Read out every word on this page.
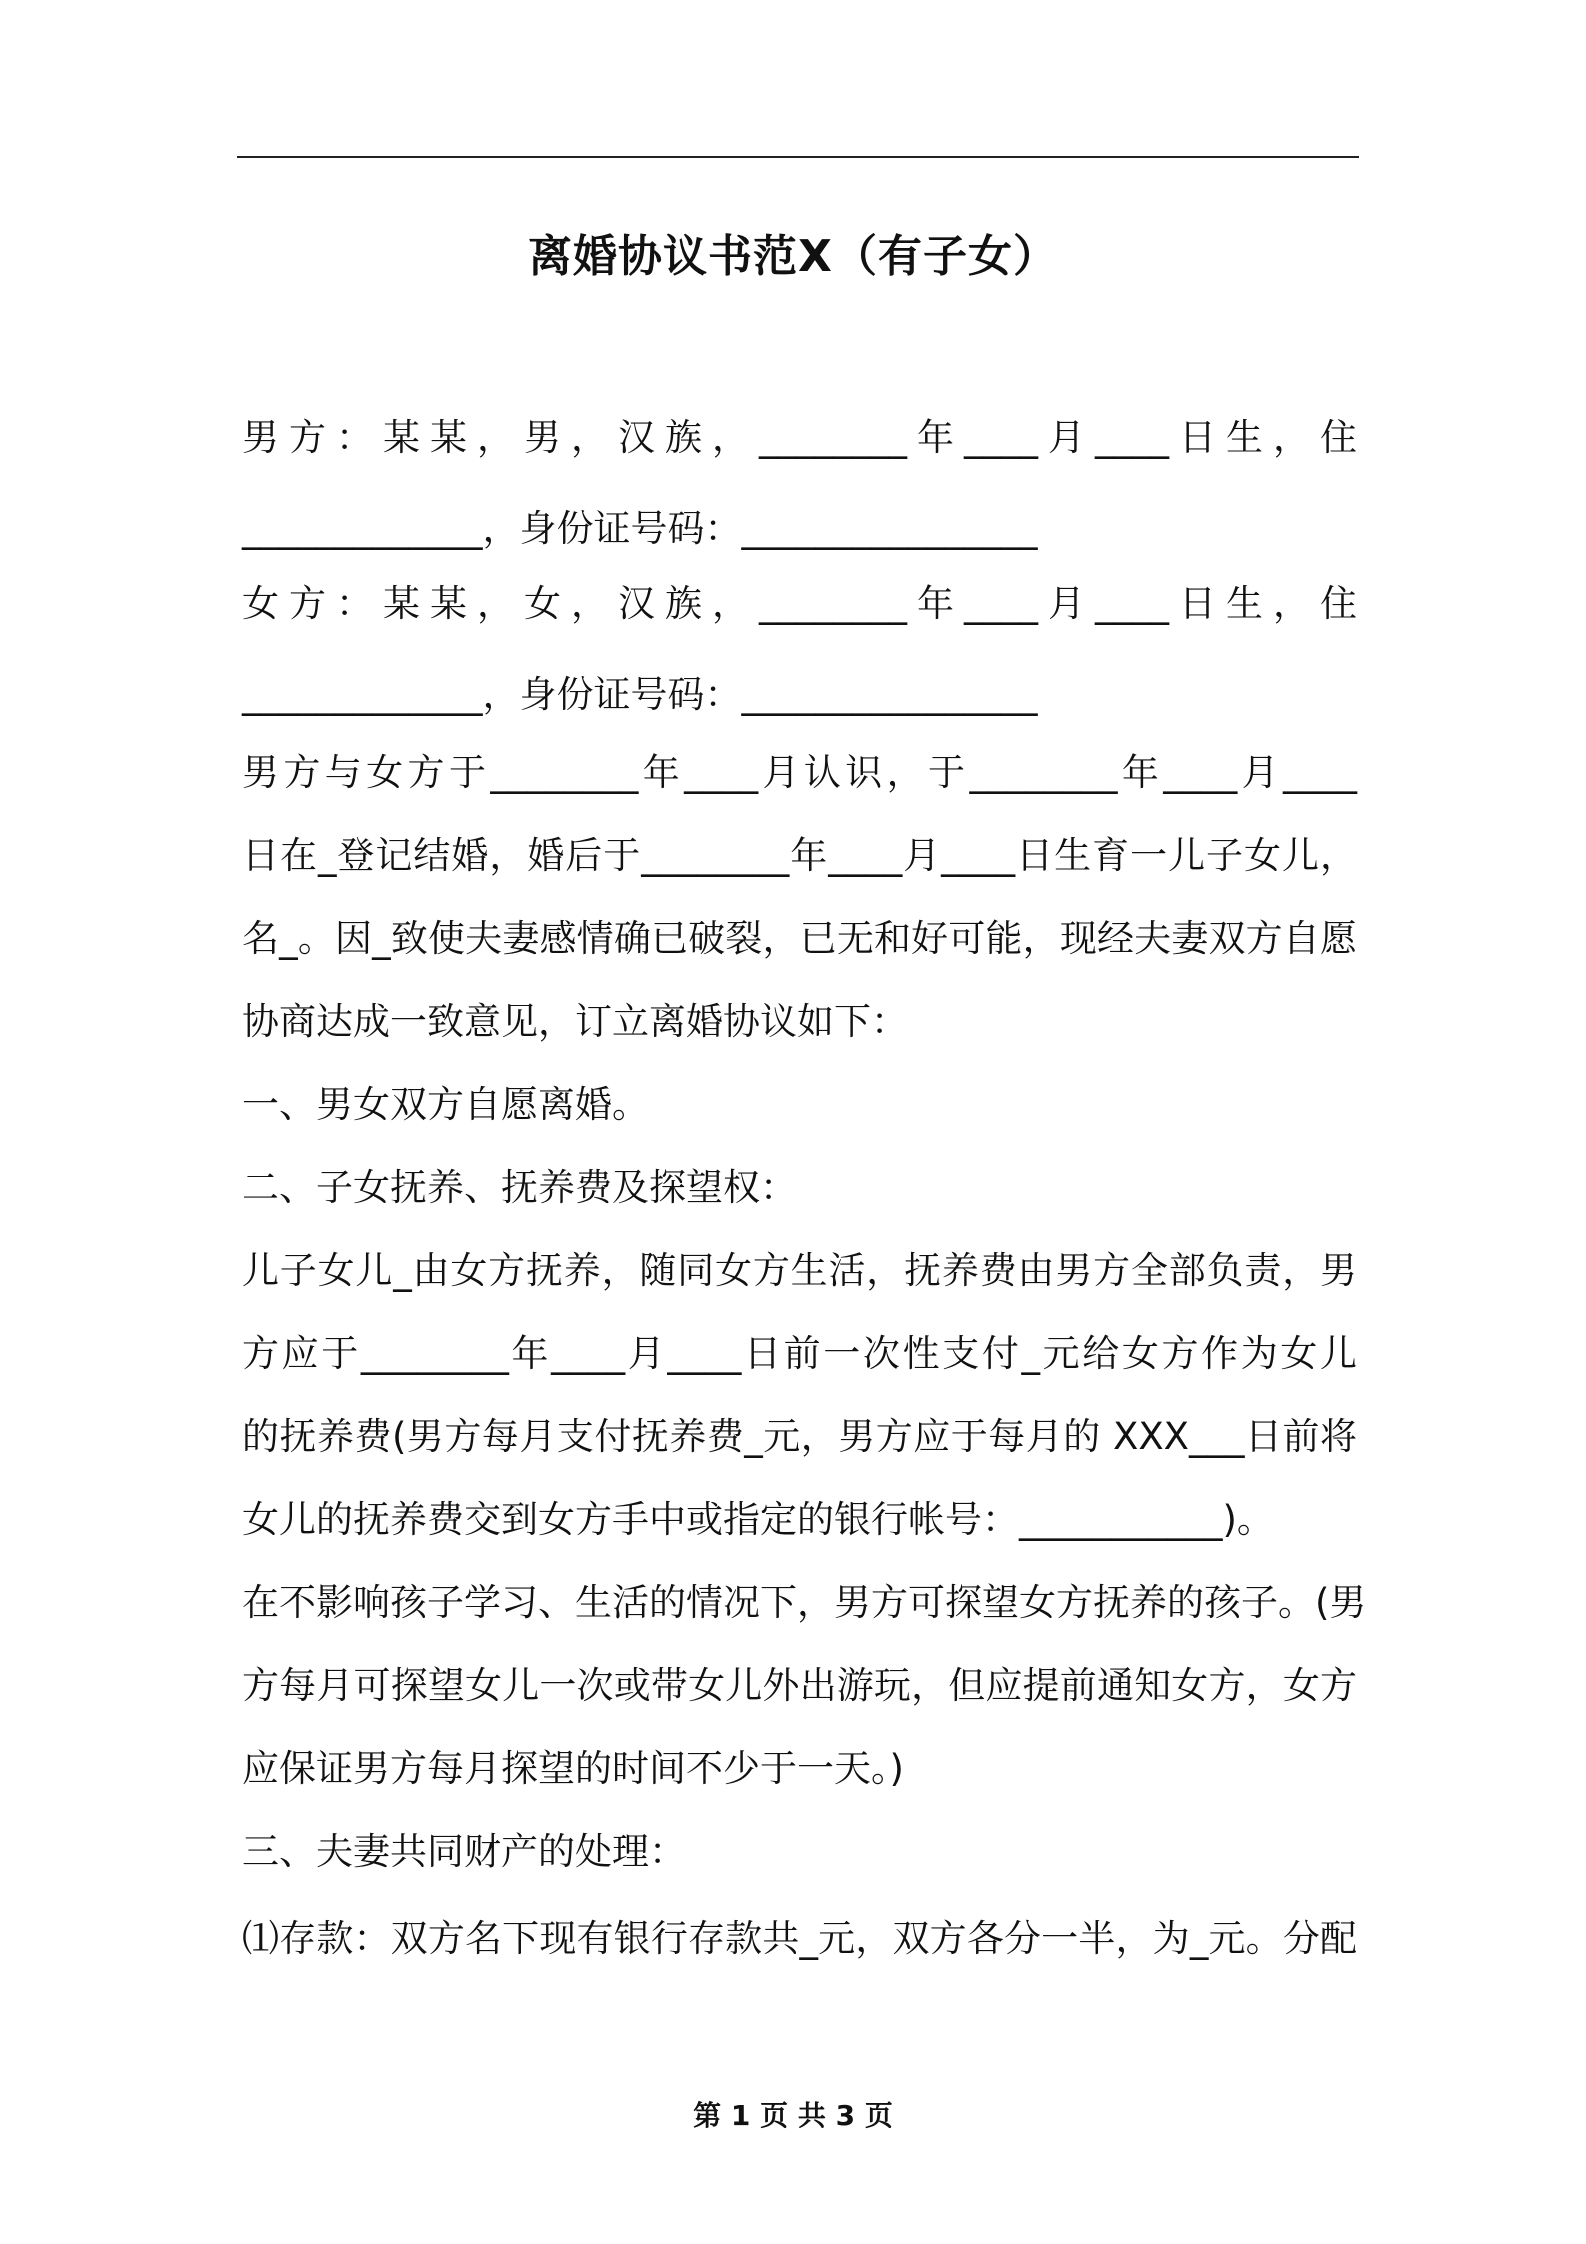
离婚协议书范X（有子女）
男方：某某，男，汉族，________年____月____日生，住
_____________，身份证号码：________________
女方：某某，女，汉族，________年____月____日生，住
_____________，身份证号码：________________
男方与女方于________年____月认识，于________年____月____
日在_登记结婚，婚后于________年____月____日生育一儿子女儿，
名_。因_致使夫妻感情确已破裂，已无和好可能，现经夫妻双方自愿
协商达成一致意见，订立离婚协议如下：
一、男女双方自愿离婚。
二、子女抚养、抚养费及探望权：
儿子女儿_由女方抚养，随同女方生活，抚养费由男方全部负责，男
方应于________年____月____日前一次性支付_元给女方作为女儿
的抚养费(男方每月支付抚养费_元，男方应于每月的 XXX___日前将
女儿的抚养费交到女方手中或指定的银行帐号：___________)。
在不影响孩子学习、生活的情况下，男方可探望女方抚养的孩子。(男
方每月可探望女儿一次或带女儿外出游玩，但应提前通知女方，女方
应保证男方每月探望的时间不少于一天。)
三、夫妻共同财产的处理：
⑴存款：双方名下现有银行存款共_元，双方各分一半，为_元。分配
第 1 页 共 3 页
